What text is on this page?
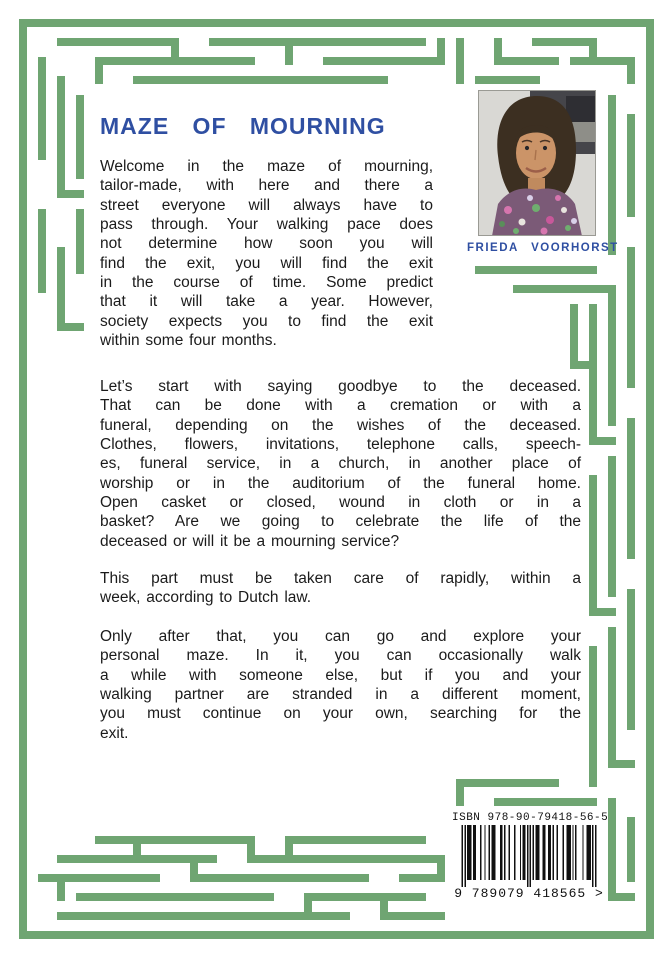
MAZE OF MOURNING
Welcome in the maze of mourning,
tailor-made, with here and there a
street everyone will always have to
pass through. Your walking pace does
not determine how soon you will
find the exit, you will find the exit
in the course of time. Some predict
that it will take a year. However,
society expects you to find the exit
within some four months.
Let’s start with saying goodbye to the deceased.
That can be done with a cremation or with a
funeral, depending on the wishes of the deceased.
Clothes, flowers, invitations, telephone calls, speech-
es, funeral service, in a church, in another place of
worship or in the auditorium of the funeral home.
Open casket or closed, wound in cloth or in a
basket? Are we going to celebrate the life of the
deceased or will it be a mourning service?
This part must be taken care of rapidly, within a
week, according to Dutch law.
Only after that, you can go and explore your
personal maze. In it, you can occasionally walk
a while with someone else, but if you and your
walking partner are stranded in a different moment,
you must continue on your own, searching for the
exit.
FRIEDA VOORHORST
ISBN 978-90-79418-56-5
9 789079 418565 >
